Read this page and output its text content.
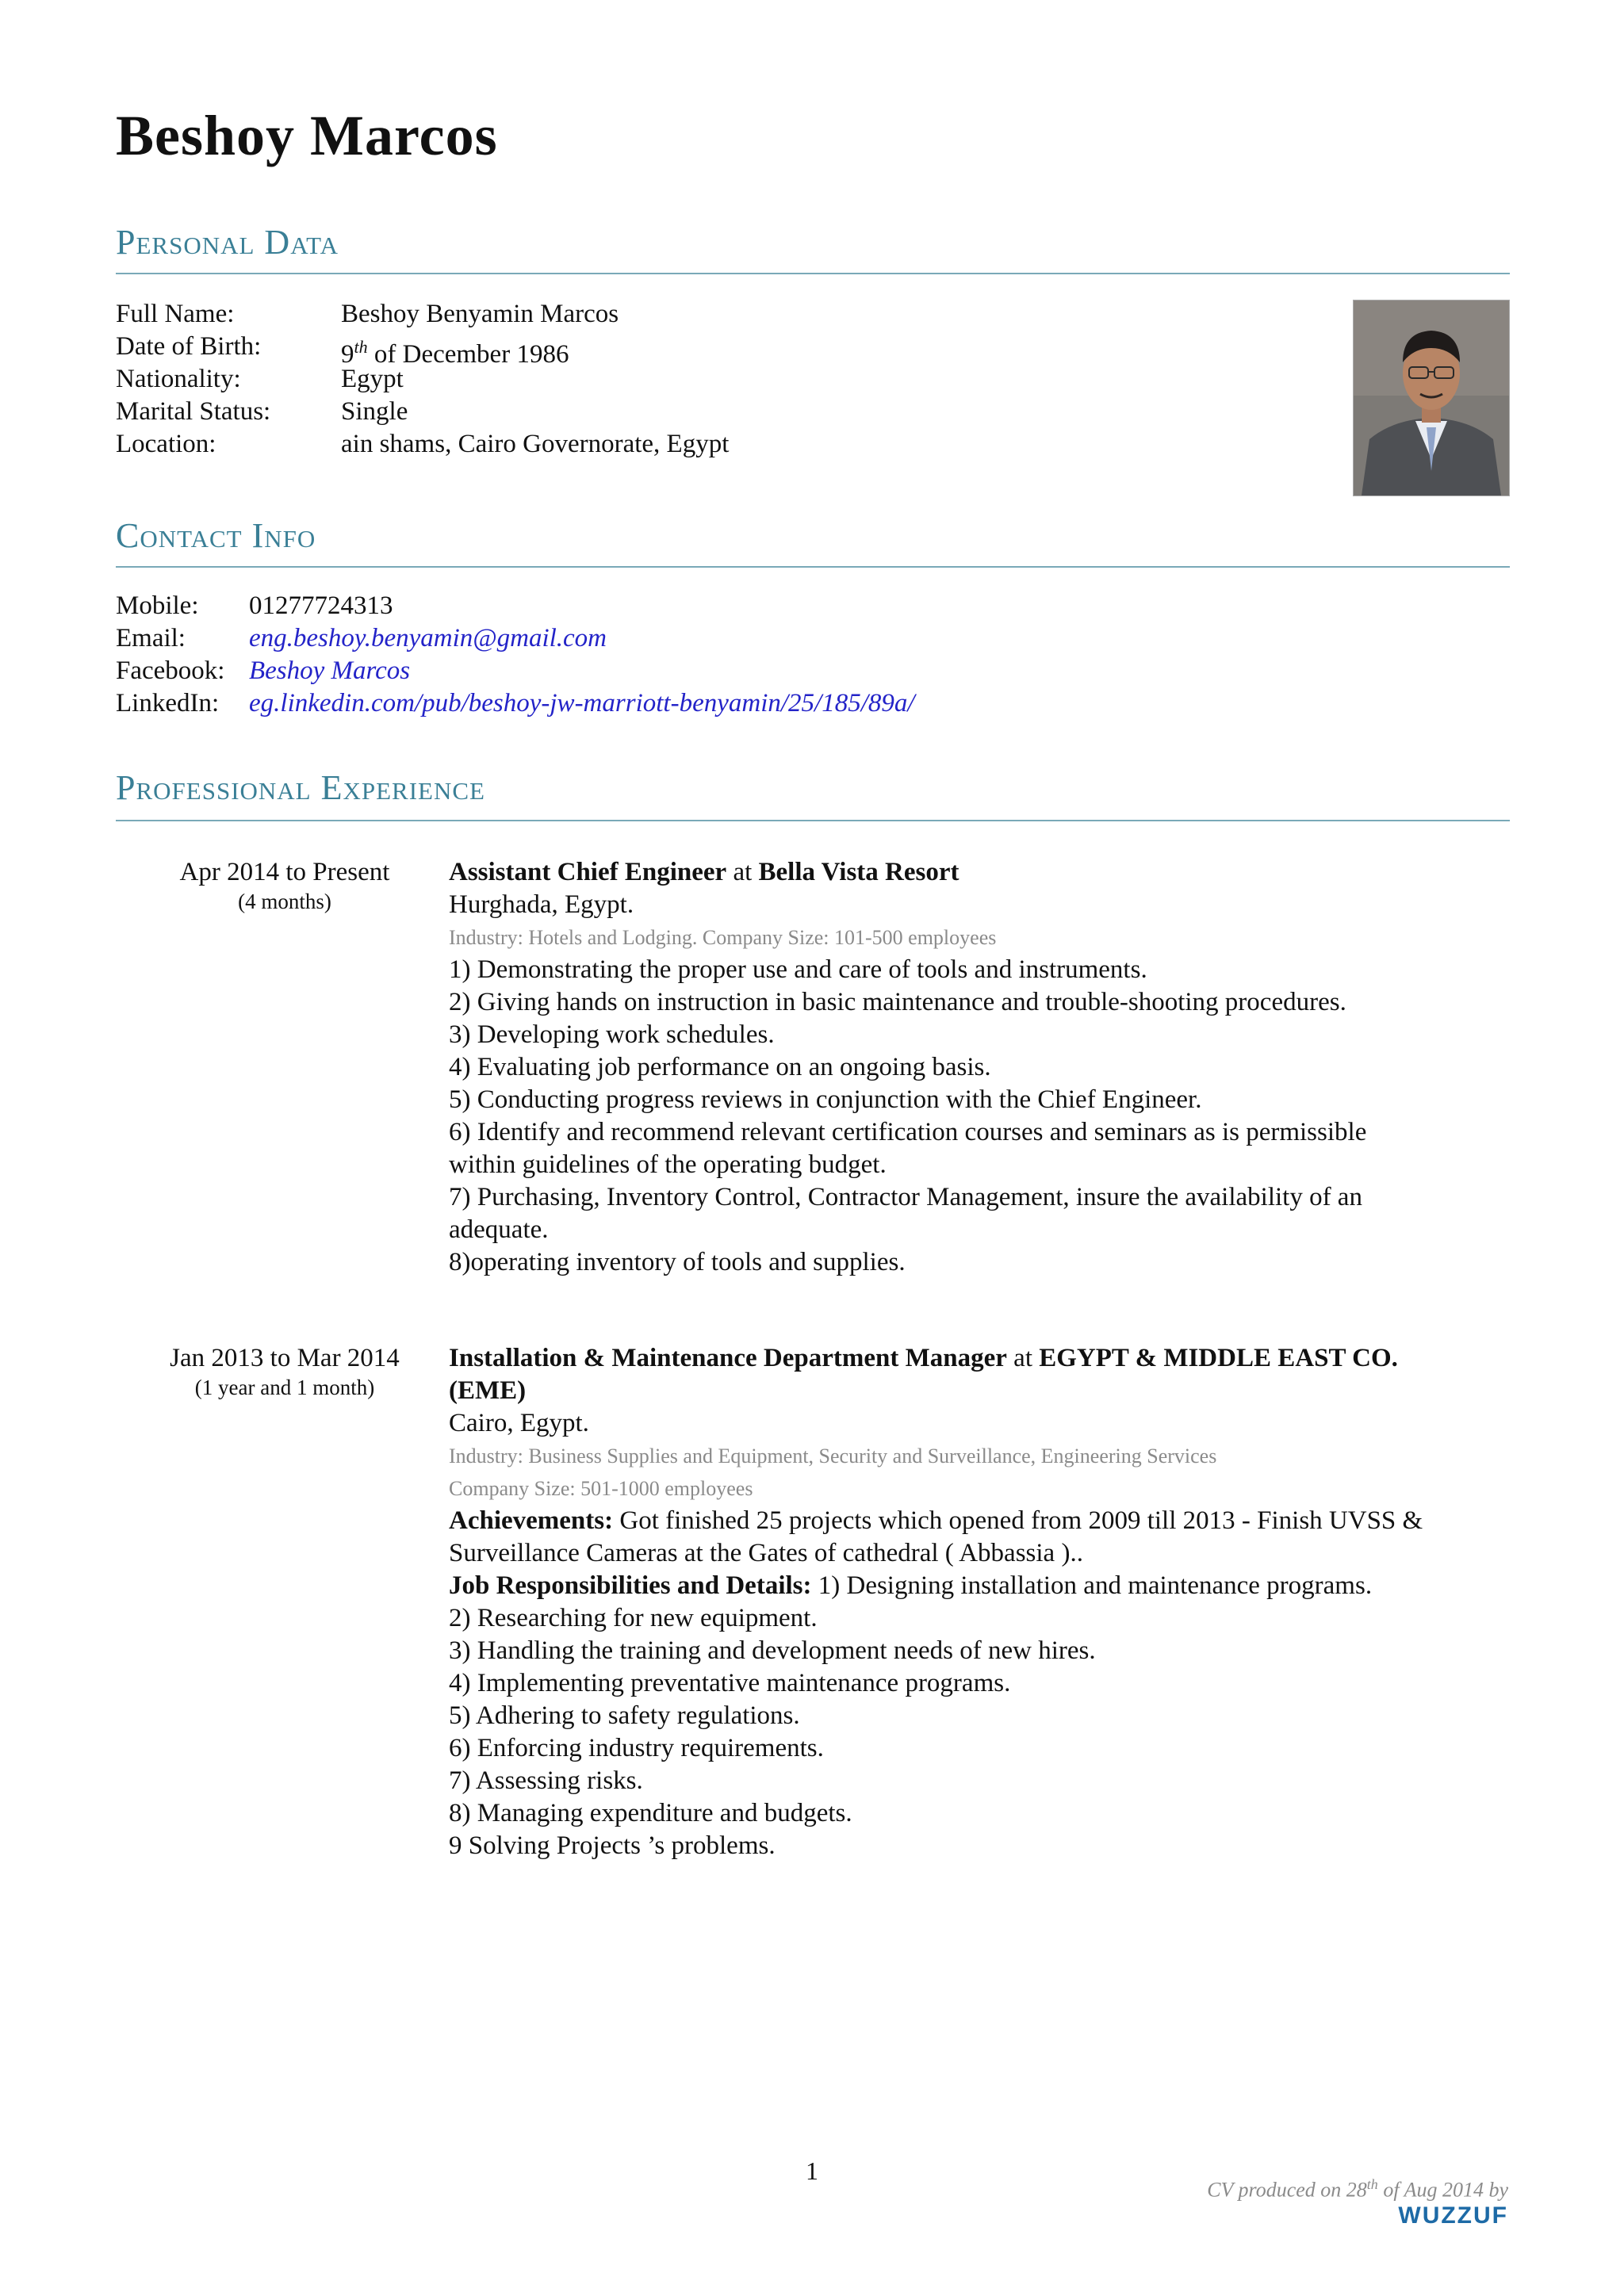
Beshoy Marcos
Personal Data
Full Name:	Beshoy Benyamin Marcos
Date of Birth:	9th of December 1986
Nationality:	Egypt
Marital Status:	Single
Location:	ain shams, Cairo Governorate, Egypt
Contact Info
Mobile: 01277724313
Email: eng.beshoy.benyamin@gmail.com
Facebook: Beshoy Marcos
LinkedIn: eg.linkedin.com/pub/beshoy-jw-marriott-benyamin/25/185/89a/
Professional Experience
Apr 2014 to Present
(4 months)
Assistant Chief Engineer at Bella Vista Resort
Hurghada, Egypt.
Industry: Hotels and Lodging. Company Size: 101-500 employees
1) Demonstrating the proper use and care of tools and instruments.
2) Giving hands on instruction in basic maintenance and trouble-shooting procedures.
3) Developing work schedules.
4) Evaluating job performance on an ongoing basis.
5) Conducting progress reviews in conjunction with the Chief Engineer.
6) Identify and recommend relevant certification courses and seminars as is permissible within guidelines of the operating budget.
7) Purchasing, Inventory Control, Contractor Management, insure the availability of an adequate.
8)operating inventory of tools and supplies.
Jan 2013 to Mar 2014
(1 year and 1 month)
Installation & Maintenance Department Manager at EGYPT & MIDDLE EAST CO. (EME)
Cairo, Egypt.
Industry: Business Supplies and Equipment, Security and Surveillance, Engineering Services
Company Size: 501-1000 employees
Achievements: Got finished 25 projects which opened from 2009 till 2013 - Finish UVSS & Surveillance Cameras at the Gates of cathedral ( Abbassia )..
Job Responsibilities and Details: 1) Designing installation and maintenance programs.
2) Researching for new equipment.
3) Handling the training and development needs of new hires.
4) Implementing preventative maintenance programs.
5) Adhering to safety regulations.
6) Enforcing industry requirements.
7) Assessing risks.
8) Managing expenditure and budgets.
9 Solving Projects ’s problems.
1
CV produced on 28th of Aug 2014 by
WUZZUF
